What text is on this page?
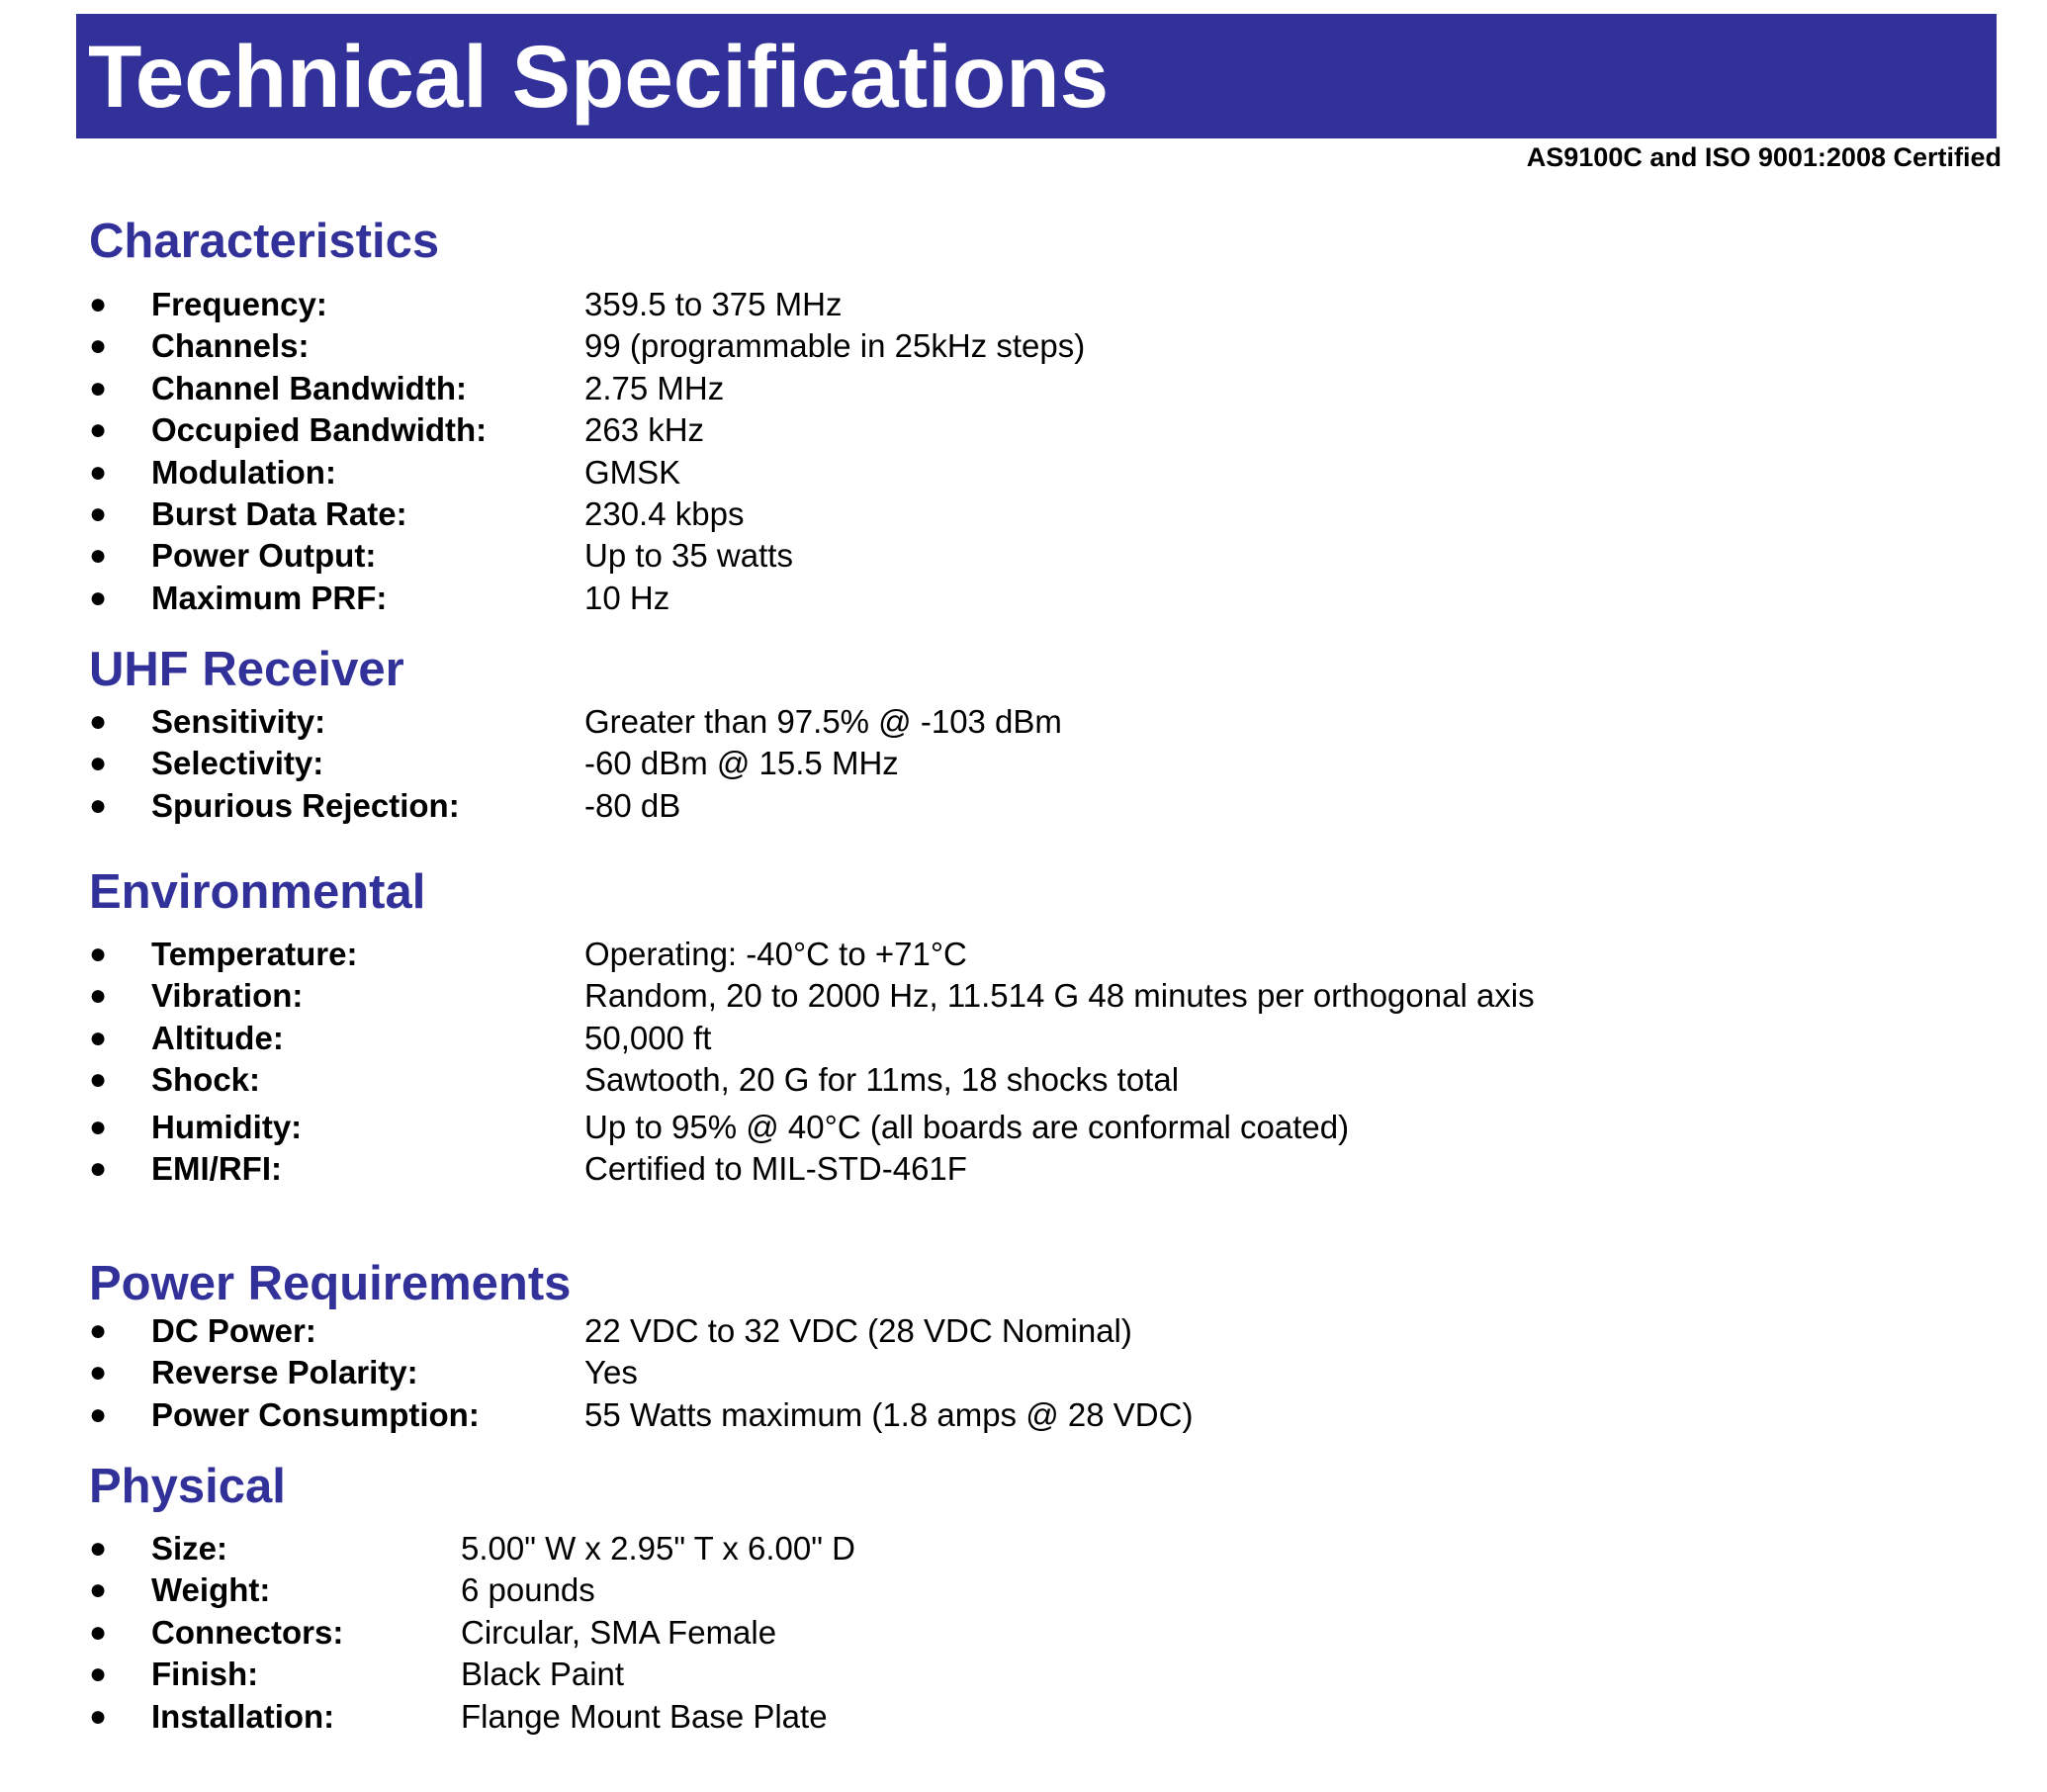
Technical Specifications
AS9100C and ISO 9001:2008 Certified
Characteristics
● Frequency:	359.5 to 375 MHz
● Channels:	99 (programmable in 25kHz steps)
● Channel Bandwidth:	2.75 MHz
● Occupied Bandwidth:	263 kHz
● Modulation:	GMSK
● Burst Data Rate:	230.4 kbps
● Power Output:	Up to 35 watts
● Maximum PRF:	10 Hz
UHF Receiver
● Sensitivity:	Greater than 97.5% @ -103 dBm
● Selectivity:	-60 dBm @ 15.5 MHz
● Spurious Rejection:	-80 dB
Environmental
● Temperature:	Operating: -40°C to +71°C
● Vibration:	Random, 20 to 2000 Hz, 11.514 G 48 minutes per orthogonal axis
● Altitude:	50,000 ft
● Shock:	Sawtooth, 20 G for 11ms, 18 shocks total
● Humidity:	Up to 95% @ 40°C (all boards are conformal coated)
● EMI/RFI:	Certified to MIL-STD-461F
Power Requirements
● DC Power:	22 VDC to 32 VDC (28 VDC Nominal)
● Reverse Polarity:	Yes
● Power Consumption:	55 Watts maximum (1.8 amps @ 28 VDC)
Physical
● Size:	5.00" W x 2.95" T x 6.00" D
● Weight:	6 pounds
● Connectors:	Circular, SMA Female
● Finish:	Black Paint
● Installation:	Flange Mount Base Plate
